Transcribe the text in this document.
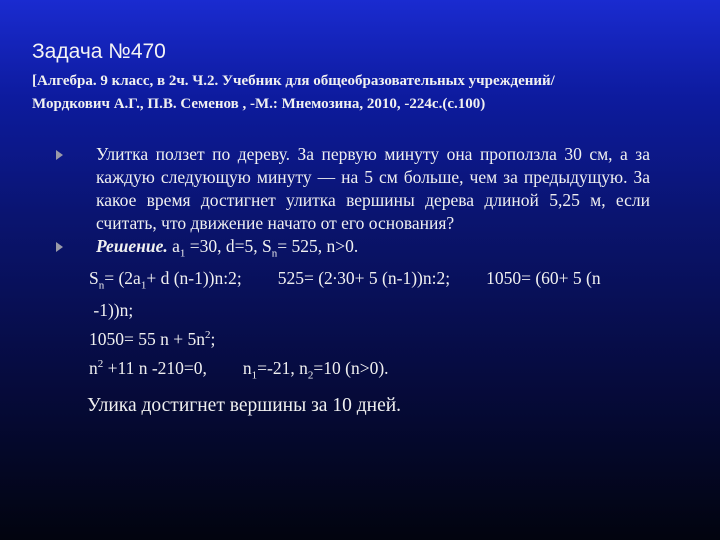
Задача №470
[Алгебра. 9 класс, в 2ч. Ч.2. Учебник для общеобразовательных учреждений/
Мордкович А.Г., П.В. Семенов , -М.: Мнемозина, 2010, -224с.(с.100)
Улитка ползет по дереву. За первую минуту она проползла 30 см, а за каждую следующую минуту — на 5 см больше, чем за предыдущую. За какое время достигнет улитка вершины дерева длиной 5,25 м, если считать, что движение начато от его основания?
Решение. $a_1 =30$, d=5, $S_n= 525$, n>0.
$S_n= (2a_1+ d$ (n-1))n:2; 525= (2∙30+ 5 (n-1))n:2; 1050= (60+ 5 (n
-1))n;
1050= 55 $n + 5n^2$;
$n^2 +11$ n -210=0, $n_1=-21$, $n_2=10$ (n>0).
Улика достигнет вершины за 10 дней.
